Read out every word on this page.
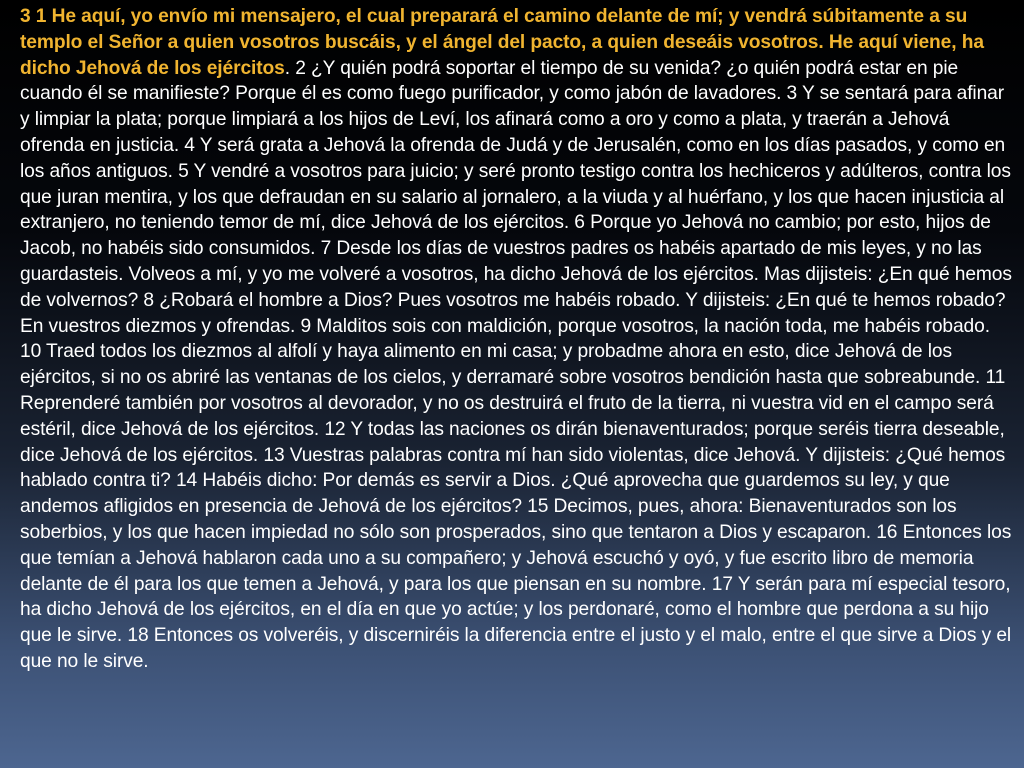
3 1 He aquí, yo envío mi mensajero, el cual preparará el camino delante de mí; y vendrá súbitamente a su templo el Señor a quien vosotros buscáis, y el ángel del pacto, a quien deseáis vosotros. He aquí viene, ha dicho Jehová de los ejércitos. 2 ¿Y quién podrá soportar el tiempo de su venida? ¿o quién podrá estar en pie cuando él se manifieste? Porque él es como fuego purificador, y como jabón de lavadores. 3 Y se sentará para afinar y limpiar la plata; porque limpiará a los hijos de Leví, los afinará como a oro y como a plata, y traerán a Jehová ofrenda en justicia. 4 Y será grata a Jehová la ofrenda de Judá y de Jerusalén, como en los días pasados, y como en los años antiguos. 5 Y vendré a vosotros para juicio; y seré pronto testigo contra los hechiceros y adúlteros, contra los que juran mentira, y los que defraudan en su salario al jornalero, a la viuda y al huérfano, y los que hacen injusticia al extranjero, no teniendo temor de mí, dice Jehová de los ejércitos. 6 Porque yo Jehová no cambio; por esto, hijos de Jacob, no habéis sido consumidos. 7 Desde los días de vuestros padres os habéis apartado de mis leyes, y no las guardasteis. Volveos a mí, y yo me volveré a vosotros, ha dicho Jehová de los ejércitos. Mas dijisteis: ¿En qué hemos de volvernos? 8 ¿Robará el hombre a Dios? Pues vosotros me habéis robado. Y dijisteis: ¿En qué te hemos robado? En vuestros diezmos y ofrendas. 9 Malditos sois con maldición, porque vosotros, la nación toda, me habéis robado. 10 Traed todos los diezmos al alfolí y haya alimento en mi casa; y probadme ahora en esto, dice Jehová de los ejércitos, si no os abriré las ventanas de los cielos, y derramaré sobre vosotros bendición hasta que sobreabunde. 11 Reprenderé también por vosotros al devorador, y no os destruirá el fruto de la tierra, ni vuestra vid en el campo será estéril, dice Jehová de los ejércitos. 12 Y todas las naciones os dirán bienaventurados; porque seréis tierra deseable, dice Jehová de los ejércitos. 13 Vuestras palabras contra mí han sido violentas, dice Jehová. Y dijisteis: ¿Qué hemos hablado contra ti? 14 Habéis dicho: Por demás es servir a Dios. ¿Qué aprovecha que guardemos su ley, y que andemos afligidos en presencia de Jehová de los ejércitos? 15 Decimos, pues, ahora: Bienaventurados son los soberbios, y los que hacen impiedad no sólo son prosperados, sino que tentaron a Dios y escaparon. 16 Entonces los que temían a Jehová hablaron cada uno a su compañero; y Jehová escuchó y oyó, y fue escrito libro de memoria delante de él para los que temen a Jehová, y para los que piensan en su nombre. 17 Y serán para mí especial tesoro, ha dicho Jehová de los ejércitos, en el día en que yo actúe; y los perdonaré, como el hombre que perdona a su hijo que le sirve. 18 Entonces os volveréis, y discerniréis la diferencia entre el justo y el malo, entre el que sirve a Dios y el que no le sirve.
